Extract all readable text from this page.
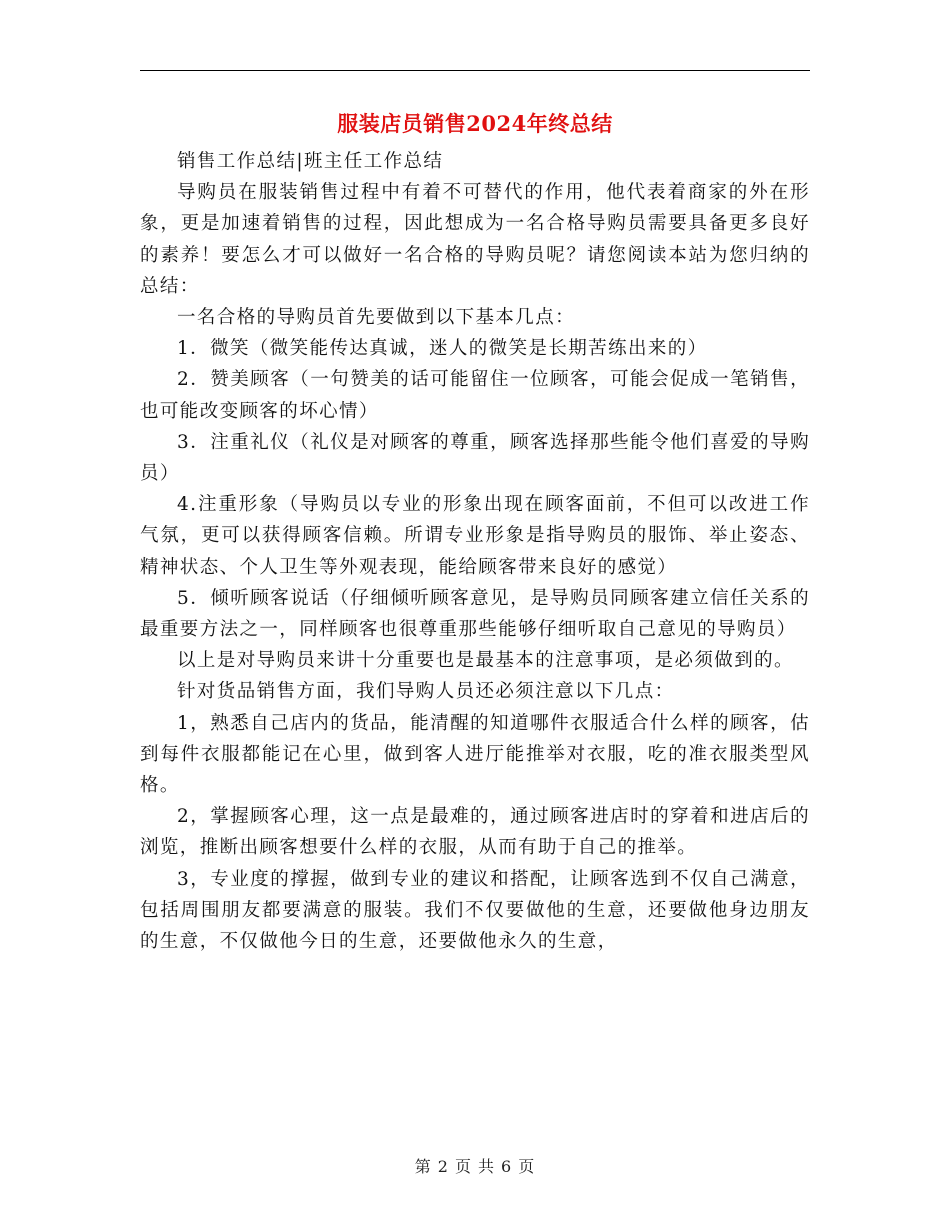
服装店员销售2024年终总结

销售工作总结|班主任工作总结

导购员在服装销售过程中有着不可替代的作用，他代表着商家的外在形象，更是加速着销售的过程，因此想成为一名合格导购员需要具备更多良好的素养！要怎么才可以做好一名合格的导购员呢？请您阅读本站为您归纳的总结：

一名合格的导购员首先要做到以下基本几点：

1．微笑（微笑能传达真诚，迷人的微笑是长期苦练出来的）

2．赞美顾客（一句赞美的话可能留住一位顾客，可能会促成一笔销售，也可能改变顾客的坏心情）

3．注重礼仪（礼仪是对顾客的尊重，顾客选择那些能令他们喜爱的导购员）

4.注重形象（导购员以专业的形象出现在顾客面前，不但可以改进工作气氛，更可以获得顾客信赖。所谓专业形象是指导购员的服饰、举止姿态、精神状态、个人卫生等外观表现，能给顾客带来良好的感觉）

5．倾听顾客说话（仔细倾听顾客意见，是导购员同顾客建立信任关系的最重要方法之一，同样顾客也很尊重那些能够仔细听取自己意见的导购员）

以上是对导购员来讲十分重要也是最基本的注意事项，是必须做到的。

针对货品销售方面，我们导购人员还必须注意以下几点：

1，熟悉自己店内的货品，能清醒的知道哪件衣服适合什么样的顾客，估到每件衣服都能记在心里，做到客人进厅能推举对衣服，吃的准衣服类型风格。

2，掌握顾客心理，这一点是最难的，通过顾客进店时的穿着和进店后的浏览，推断出顾客想要什么样的衣服，从而有助于自己的推举。

3，专业度的撑握，做到专业的建议和搭配，让顾客选到不仅自己满意，包括周围朋友都要满意的服装。我们不仅要做他的生意，还要做他身边朋友的生意，不仅做他今日的生意，还要做他永久的生意，

第 2 页 共 6 页
